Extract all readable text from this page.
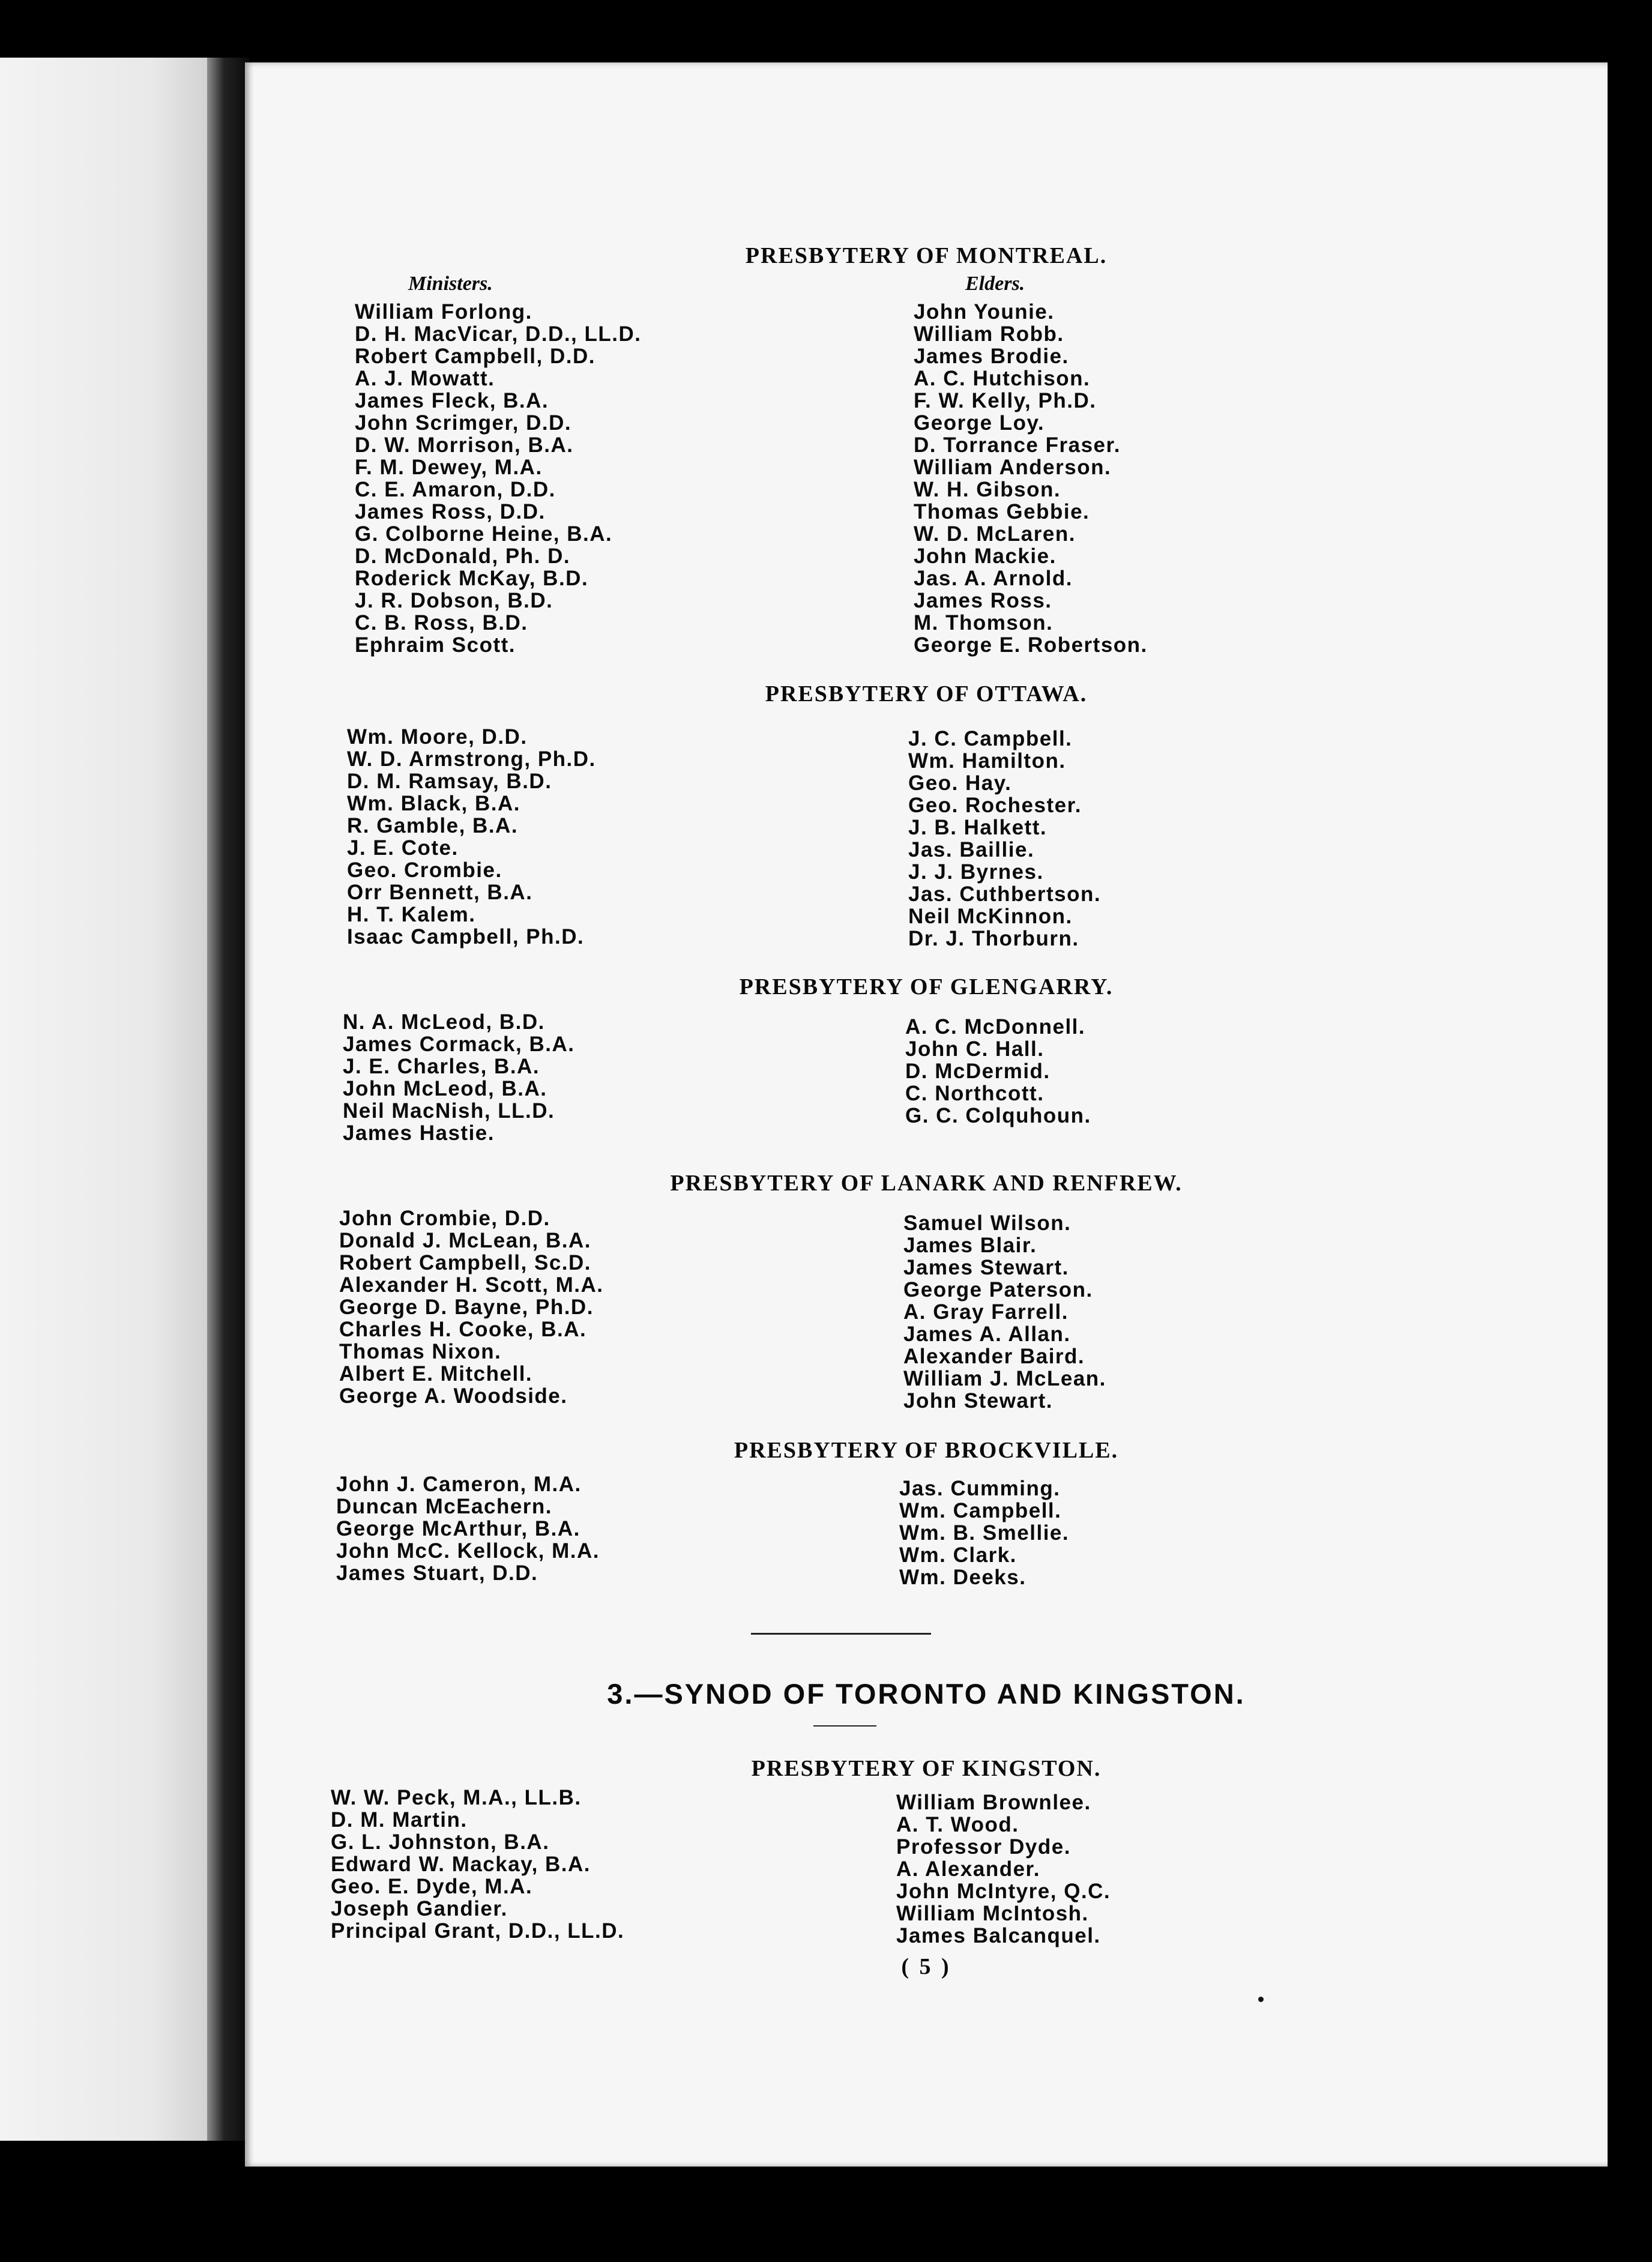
PRESBYTERY OF MONTREAL.
Ministers.	Elders.
William Forlong.
D. H. MacVicar, D.D., LL.D.
Robert Campbell, D.D.
A. J. Mowatt.
James Fleck, B.A.
John Scrimger, D.D.
D. W. Morrison, B.A.
F. M. Dewey, M.A.
C. E. Amaron, D.D.
James Ross, D.D.
G. Colborne Heine, B.A.
D. McDonald, Ph. D.
Roderick McKay, B.D.
J. R. Dobson, B.D.
C. B. Ross, B.D.
Ephraim Scott.
John Younie.
William Robb.
James Brodie.
A. C. Hutchison.
F. W. Kelly, Ph.D.
George Loy.
D. Torrance Fraser.
William Anderson.
W. H. Gibson.
Thomas Gebbie.
W. D. McLaren.
John Mackie.
Jas. A. Arnold.
James Ross.
M. Thomson.
George E. Robertson.
PRESBYTERY OF OTTAWA.
Wm. Moore, D.D.
W. D. Armstrong, Ph.D.
D. M. Ramsay, B.D.
Wm. Black, B.A.
R. Gamble, B.A.
J. E. Cote.
Geo. Crombie.
Orr Bennett, B.A.
H. T. Kalem.
Isaac Campbell, Ph.D.
J. C. Campbell.
Wm. Hamilton.
Geo. Hay.
Geo. Rochester.
J. B. Halkett.
Jas. Baillie.
J. J. Byrnes.
Jas. Cuthbertson.
Neil McKinnon.
Dr. J. Thorburn.
PRESBYTERY OF GLENGARRY.
N. A. McLeod, B.D.
James Cormack, B.A.
J. E. Charles, B.A.
John McLeod, B.A.
Neil MacNish, LL.D.
James Hastie.
A. C. McDonnell.
John C. Hall.
D. McDermid.
C. Northcott.
G. C. Colquhoun.
PRESBYTERY OF LANARK AND RENFREW.
John Crombie, D.D.
Donald J. McLean, B.A.
Robert Campbell, Sc.D.
Alexander H. Scott, M.A.
George D. Bayne, Ph.D.
Charles H. Cooke, B.A.
Thomas Nixon.
Albert E. Mitchell.
George A. Woodside.
Samuel Wilson.
James Blair.
James Stewart.
George Paterson.
A. Gray Farrell.
James A. Allan.
Alexander Baird.
William J. McLean.
John Stewart.
PRESBYTERY OF BROCKVILLE.
John J. Cameron, M.A.
Duncan McEachern.
George McArthur, B.A.
John McC. Kellock, M.A.
James Stuart, D.D.
Jas. Cumming.
Wm. Campbell.
Wm. B. Smellie.
Wm. Clark.
Wm. Deeks.
3.—SYNOD OF TORONTO AND KINGSTON.
PRESBYTERY OF KINGSTON.
W. W. Peck, M.A., LL.B.
D. M. Martin.
G. L. Johnston, B.A.
Edward W. Mackay, B.A.
Geo. E. Dyde, M.A.
Joseph Gandier.
Principal Grant, D.D., LL.D.
William Brownlee.
A. T. Wood.
Professor Dyde.
A. Alexander.
John McIntyre, Q.C.
William McIntosh.
James Balcanquel.
( 5 )
